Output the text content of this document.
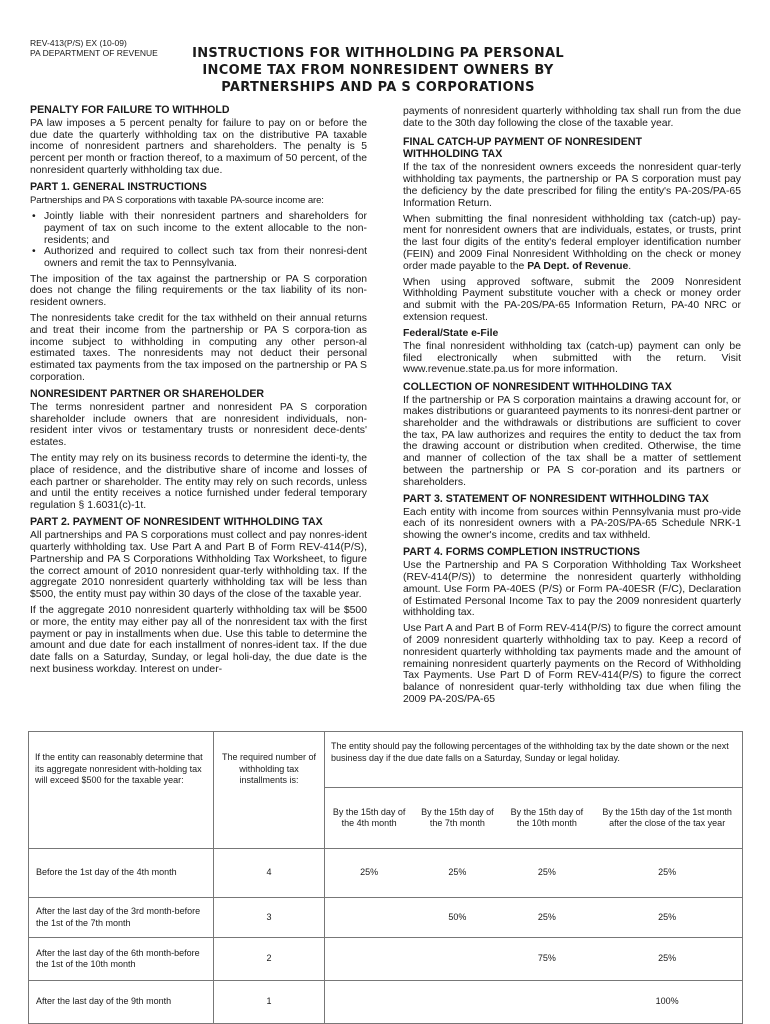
REV-413(P/S) EX (10-09)
PA DEPARTMENT OF REVENUE	INSTRUCTIONS FOR WITHHOLDING PA PERSONAL
INCOME TAX FROM NONRESIDENT OWNERS BY
PARTNERSHIPS AND PA S CORPORATIONS
PENALTY FOR FAILURE TO WITHHOLD

PA law imposes a 5 percent penalty for failure to pay on or before the due date the quarterly withholding tax on the distributive PA taxable income of nonresident partners and shareholders. The penalty is 5 percent per month or fraction thereof, to a maximum of 50 percent, of the nonresident quarterly withholding tax due.

PART 1. GENERAL INSTRUCTIONS

Partnerships and PA S corporations with taxable PA-source income are:

• Jointly liable with their nonresident partners and shareholders for payment of tax on such income to the extent allocable to the non-residents; and
• Authorized and required to collect such tax from their nonresi-dent owners and remit the tax to Pennsylvania.

The imposition of the tax against the partnership or PA S corporation does not change the filing requirements or the tax liability of its non-resident owners.

The nonresidents take credit for the tax withheld on their annual returns and treat their income from the partnership or PA S corpora-tion as income subject to withholding in computing any other person-al estimated taxes. The nonresidents may not deduct their personal estimated tax payments from the tax imposed on the partnership or PA S corporation.

NONRESIDENT PARTNER OR SHAREHOLDER

The terms nonresident partner and nonresident PA S corporation shareholder include owners that are nonresident individuals, non-resident inter vivos or testamentary trusts or nonresident dece-dents' estates.

The entity may rely on its business records to determine the identi-ty, the place of residence, and the distributive share of income and losses of each partner or shareholder. The entity may rely on such records, unless and until the entity receives a notice furnished under federal temporary regulation § 1.6031(c)-1t.

PART 2. PAYMENT OF NONRESIDENT WITHHOLDING TAX

All partnerships and PA S corporations must collect and pay nonres-ident quarterly withholding tax. Use Part A and Part B of Form REV-414(P/S), Partnership and PA S Corporations Withholding Tax Worksheet, to figure the correct amount of 2010 nonresident quar-terly withholding tax. If the aggregate 2010 nonresident quarterly withholding tax will be less than $500, the entity must pay within 30 days of the close of the taxable year.

If the aggregate 2010 nonresident quarterly withholding tax will be $500 or more, the entity may either pay all of the nonresident tax with the first payment or pay in installments when due. Use this table to determine the amount and due date for each installment of nonres-ident tax. If the due date falls on a Saturday, Sunday, or legal holi-day, the due date is the next business workday. Interest on under-

payments of nonresident quarterly withholding tax shall run from the due date to the 30th day following the close of the taxable year.

FINAL CATCH-UP PAYMENT OF NONRESIDENT
WITHHOLDING TAX

If the tax of the nonresident owners exceeds the nonresident quar-terly withholding tax payments, the partnership or PA S corporation must pay the deficiency by the date prescribed for filing the entity's PA-20S/PA-65 Information Return.

When submitting the final nonresident withholding tax (catch-up) pay-ment for nonresident owners that are individuals, estates, or trusts, print the last four digits of the entity's federal employer identification number (FEIN) and 2009 Final Nonresident Withholding on the check or money order made payable to the PA Dept. of Revenue.

When using approved software, submit the 2009 Nonresident Withholding Payment substitute voucher with a check or money order and submit with the PA-20S/PA-65 Information Return, PA-40 NRC or extension request.

Federal/State e-File

The final nonresident withholding tax (catch-up) payment can only be filed electronically when submitted with the return. Visit www.revenue.state.pa.us for more information.

COLLECTION OF NONRESIDENT WITHHOLDING TAX

If the partnership or PA S corporation maintains a drawing account for, or makes distributions or guaranteed payments to its nonresi-dent partner or shareholder and the withdrawals or distributions are sufficient to cover the tax, PA law authorizes and requires the entity to deduct the tax from the drawing account or distribution when credited. Otherwise, the time and manner of collection of the tax shall be a matter of settlement between the partnership or PA S cor-poration and its partners or shareholders.

PART 3. STATEMENT OF NONRESIDENT WITHHOLDING TAX

Each entity with income from sources within Pennsylvania must pro-vide each of its nonresident owners with a PA-20S/PA-65 Schedule NRK-1 showing the owner's income, credits and tax withheld.

PART 4. FORMS COMPLETION INSTRUCTIONS

Use the Partnership and PA S Corporation Withholding Tax Worksheet (REV-414(P/S)) to determine the nonresident quarterly withholding amount. Use Form PA-40ES (P/S) or Form PA-40ESR (F/C), Declaration of Estimated Personal Income Tax to pay the 2009 nonresident quarterly withholding tax.

Use Part A and Part B of Form REV-414(P/S) to figure the correct amount of 2009 nonresident quarterly withholding tax to pay. Keep a record of nonresident quarterly withholding tax payments made and the amount of remaining nonresident quarterly payments on the Record of Withholding Tax Payments. Use Part D of Form REV-414(P/S) to figure the correct balance of nonresident quar-terly withholding tax due when filing the 2009 PA-20S/PA-65

If the entity can reasonably determine that its aggregate nonresident with-holding tax will exceed $500 for the taxable year:	The required number of withholding tax installments is:	The entity should pay the following percentages of the withholding tax by the date shown or the next business day if the due date falls on a Saturday, Sunday or legal holiday.			
		By the 15th day of the 4th month	By the 15th day of the 7th month	By the 15th day of the 10th month	By the 15th day of the 1st month after the close of the tax year
Before the 1st day of the 4th month	4	25%	25%	25%	25%
After the last day of the 3rd month-before the 1st of the 7th month	3		50%	25%	25%
After the last day of the 6th month-before the 1st of the 10th month	2			75%	25%
After the last day of the 9th month	1				100%
